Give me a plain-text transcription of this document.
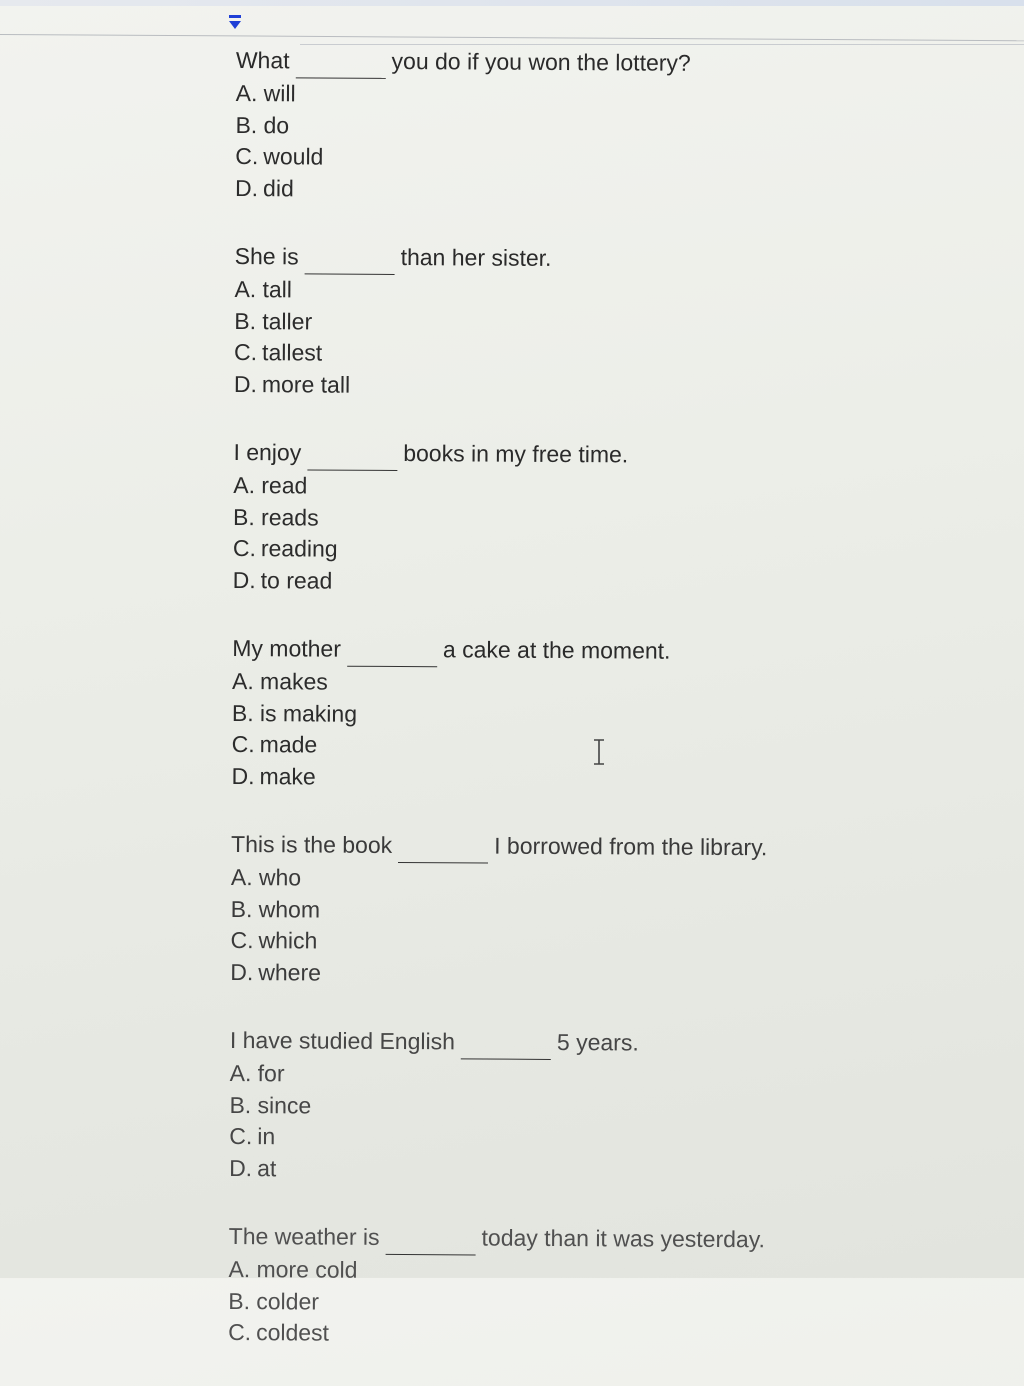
What	you do if you won the lottery?
A. will
B. do
C. would
D. did
She is	than her sister.
A. tall
B. taller
C. tallest
D. more tall
I enjoy	books in my free time.
A. read
B. reads
C. reading
D. to read
My mother	a cake at the moment.
A. makes
B. is making
C. made
D. make
This is the book	I borrowed from the library.
A. who
B. whom
C. which
D. where
I have studied English	5 years.
A. for
B. since
C. in
D. at
The weather is	today than it was yesterday.
A. more cold
B. colder
C. coldest
